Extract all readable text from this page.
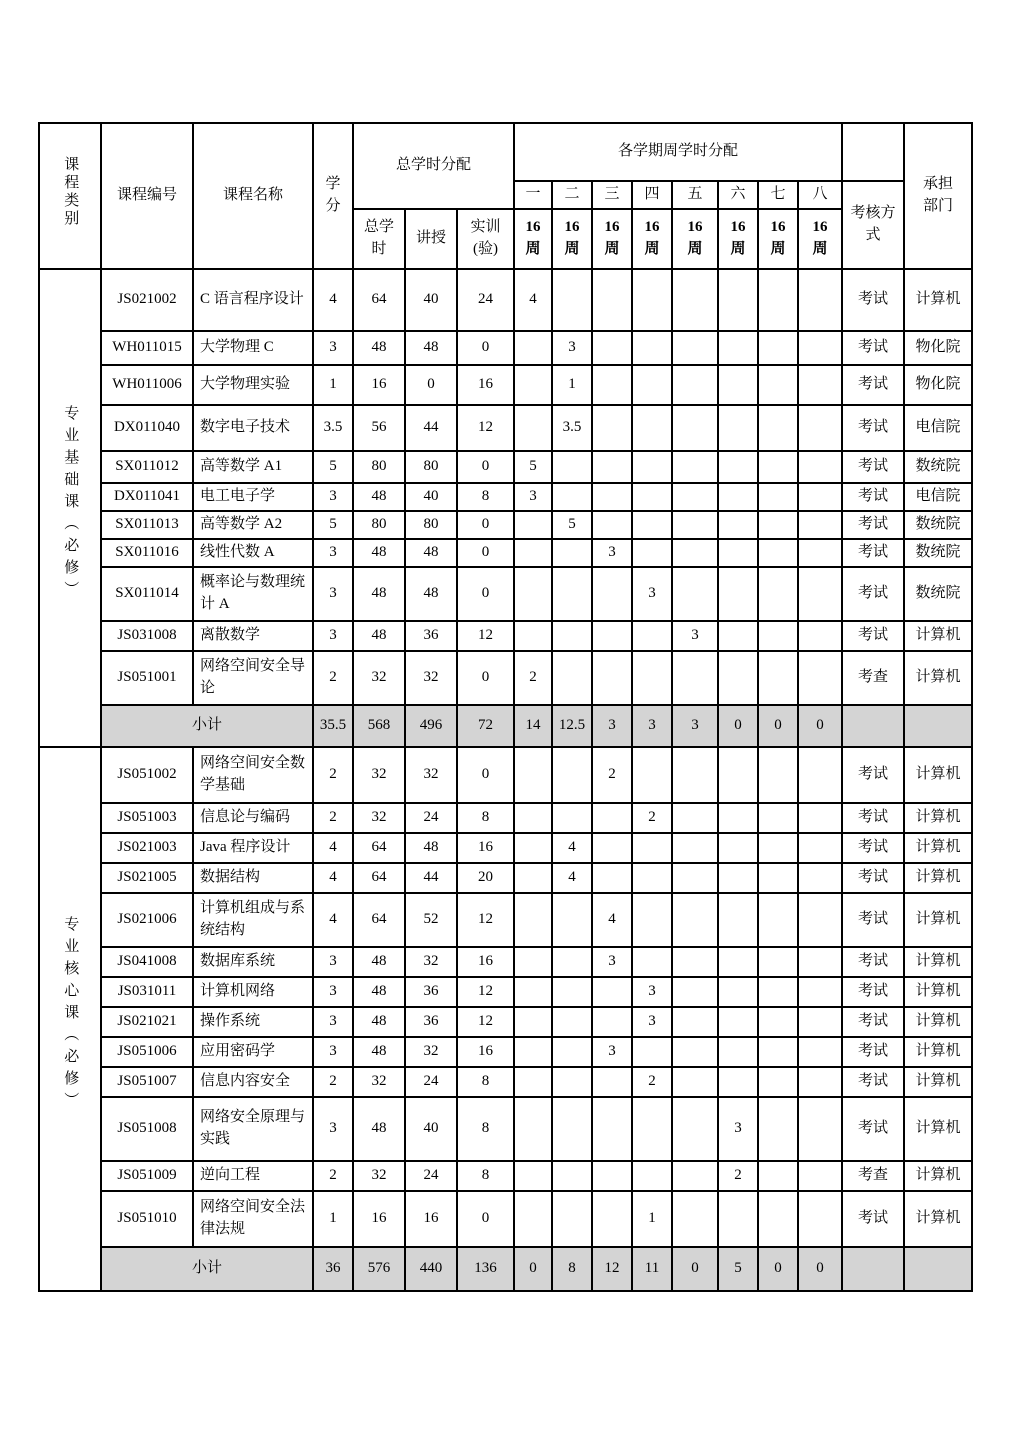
课程类别	课程编号	课程名称	学分	总学时分配			各学期周学时分配									承担部门
							一	二	三	四	五	六	七	八	考核方式	
				总学时	讲授	实训(验)	16周	16周	16周	16周	16周	16周	16周	16周		
专业基础课（必修）	JS021002	C 语言程序设计	4	64	40	24	4								考试	计算机
	WH011015	大学物理 C	3	48	48	0		3							考试	物化院
	WH011006	大学物理实验	1	16	0	16		1							考试	物化院
	DX011040	数字电子技术	3.5	56	44	12		3.5							考试	电信院
	SX011012	高等数学 A1	5	80	80	0	5								考试	数统院
	DX011041	电工电子学	3	48	40	8	3								考试	电信院
	SX011013	高等数学 A2	5	80	80	0		5							考试	数统院
	SX011016	线性代数 A	3	48	48	0			3						考试	数统院
	SX011014	概率论与数理统计 A	3	48	48	0				3					考试	数统院
	JS031008	离散数学	3	48	36	12					3				考试	计算机
	JS051001	网络空间安全导论	2	32	32	0	2								考查	计算机
	小计		35.5	568	496	72	14	12.5	3	3	3	0	0	0		
专业核心课（必修）	JS051002	网络空间安全数学基础	2	32	32	0			2						考试	计算机
	JS051003	信息论与编码	2	32	24	8				2					考试	计算机
	JS021003	Java 程序设计	4	64	48	16		4							考试	计算机
	JS021005	数据结构	4	64	44	20		4							考试	计算机
	JS021006	计算机组成与系统结构	4	64	52	12			4						考试	计算机
	JS041008	数据库系统	3	48	32	16			3						考试	计算机
	JS031011	计算机网络	3	48	36	12				3					考试	计算机
	JS021021	操作系统	3	48	36	12				3					考试	计算机
	JS051006	应用密码学	3	48	32	16			3						考试	计算机
	JS051007	信息内容安全	2	32	24	8				2					考试	计算机
	JS051008	网络安全原理与实践	3	48	40	8						3			考试	计算机
	JS051009	逆向工程	2	32	24	8						2			考查	计算机
	JS051010	网络空间安全法律法规	1	16	16	0				1					考试	计算机
	小计		36	576	440	136	0	8	12	11	0	5	0	0		
